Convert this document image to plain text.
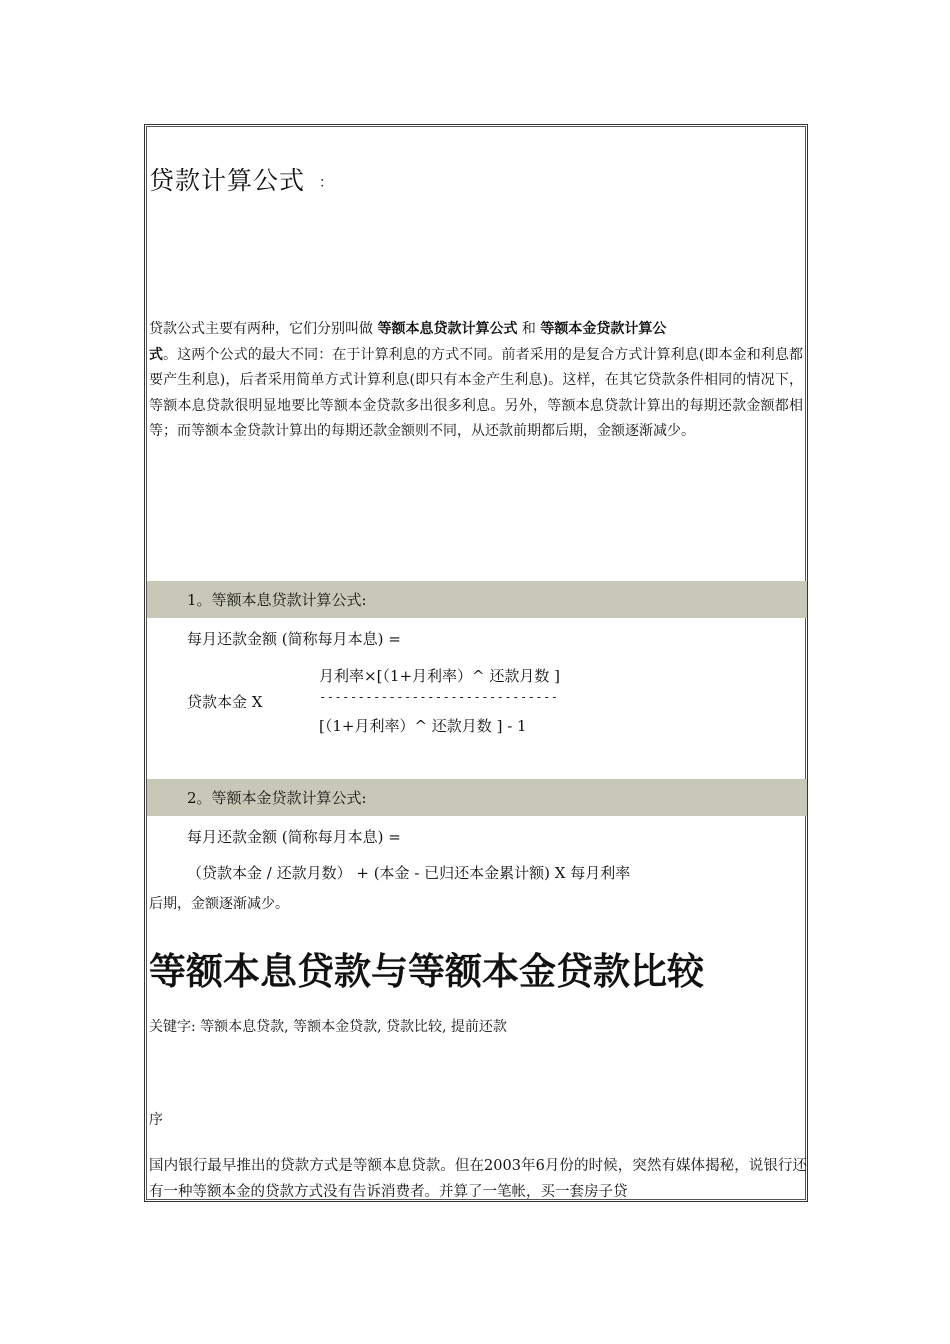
贷款计算公式 ：

贷款公式主要有两种，它们分别叫做 等额本息贷款计算公式 和 等额本金贷款计算公
式。这两个公式的最大不同：在于计算利息的方式不同。前者采用的是复合方式计算利息(即本金和利息都要产生利息)，后者采用简单方式计算利息(即只有本金产生利息)。这样，在其它贷款条件相同的情况下，等额本息贷款很明显地要比等额本金贷款多出很多利息。另外，等额本息贷款计算出的每期还款金额都相等；而等额本金贷款计算出的每期还款金额则不同，从还款前期都后期，金额逐渐减少。

1。等额本息贷款计算公式:
每月还款金额 (简称每月本息) =
月利率×[（1+月利率）^ 还款月数 ]
贷款本金 X	-------------------------------
[（1+月利率）^ 还款月数 ] - 1
2。等额本金贷款计算公式:
每月还款金额 (简称每月本息) =
（贷款本金 / 还款月数） + (本金 - 已归还本金累计额) X 每月利率
后期，金额逐渐减少。
等额本息贷款与等额本金贷款比较
关键字: 等额本息贷款, 等额本金贷款, 贷款比较, 提前还款
序

国内银行最早推出的贷款方式是等额本息贷款。但在2003年6月份的时候，突然有媒体揭秘，说银行还有一种等额本金的贷款方式没有告诉消费者。并算了一笔帐，买一套房子贷
